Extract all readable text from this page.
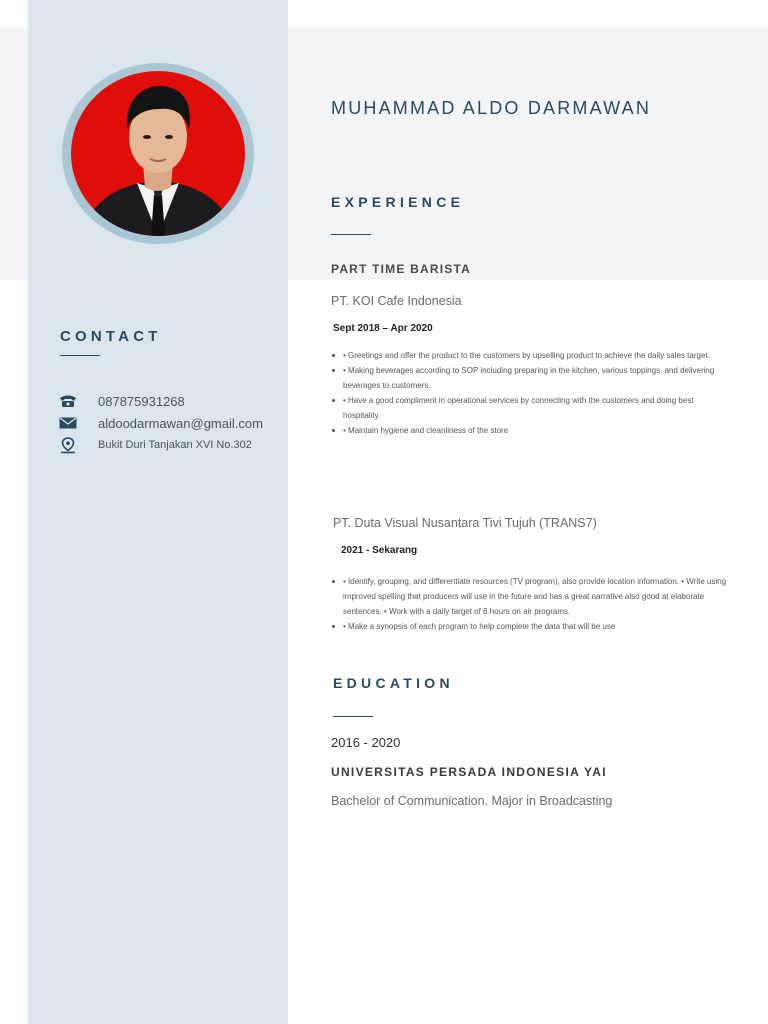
CONTACT
087875931268
aldoodarmawan@gmail.com
Bukit Duri Tanjakan XVI No.302
MUHAMMAD ALDO DARMAWAN
EXPERIENCE
PART TIME BARISTA
PT. KOI Cafe Indonesia
Sept 2018 – Apr 2020
• Greetings and offer the product to the customers by upselling product to achieve the daily sales target.
• Making beverages according to SOP including preparing in the kitchen, various toppings, and delivering beverages to customers.
• Have a good compliment in operational services by connecting with the customers and doing best hospitality.
• Maintain hygiene and cleanliness of the store
PT. Duta Visual Nusantara Tivi Tujuh (TRANS7)
2021 - Sekarang
• Identify, grouping, and differentiate resources (TV program), also provide location information. • Write using improved spelling that producers will use in the future and has a great narrative also good at elaborate sentences. • Work with a daily target of 8 hours on air programs.
• Make a synopsis of each program to help complete the data that will be use
EDUCATION
2016 - 2020
UNIVERSITAS PERSADA INDONESIA YAI
Bachelor of Communication. Major in Broadcasting
